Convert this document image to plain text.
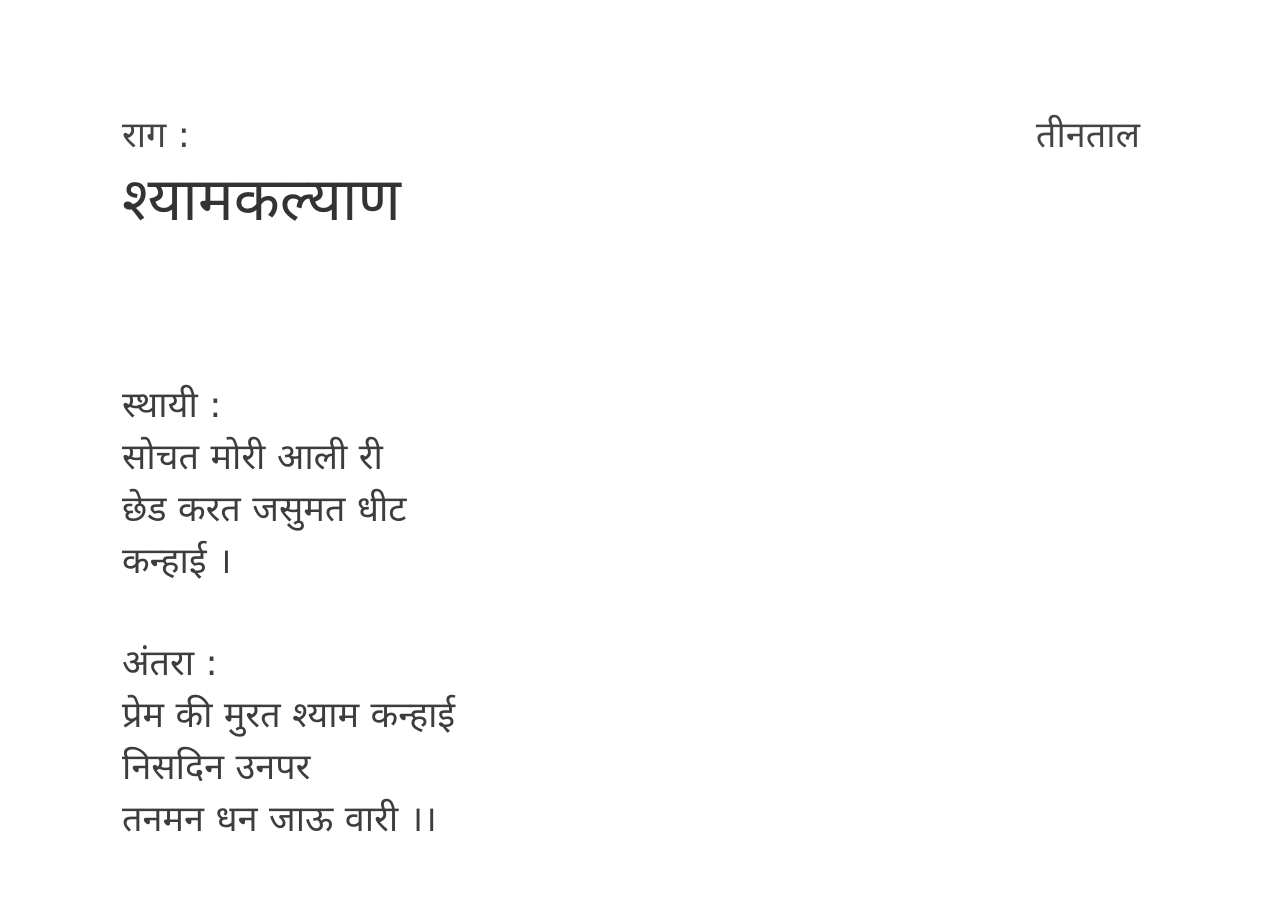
राग :	तीनताल
श्यामकल्याण
स्थायी :
सोचत मोरी आली री
छेड करत जसुमत धीट
कन्हाई ।
अंतरा :
प्रेम की मुरत श्याम कन्हाई
निसदिन उनपर
तनमन धन जाऊ वारी ।।
